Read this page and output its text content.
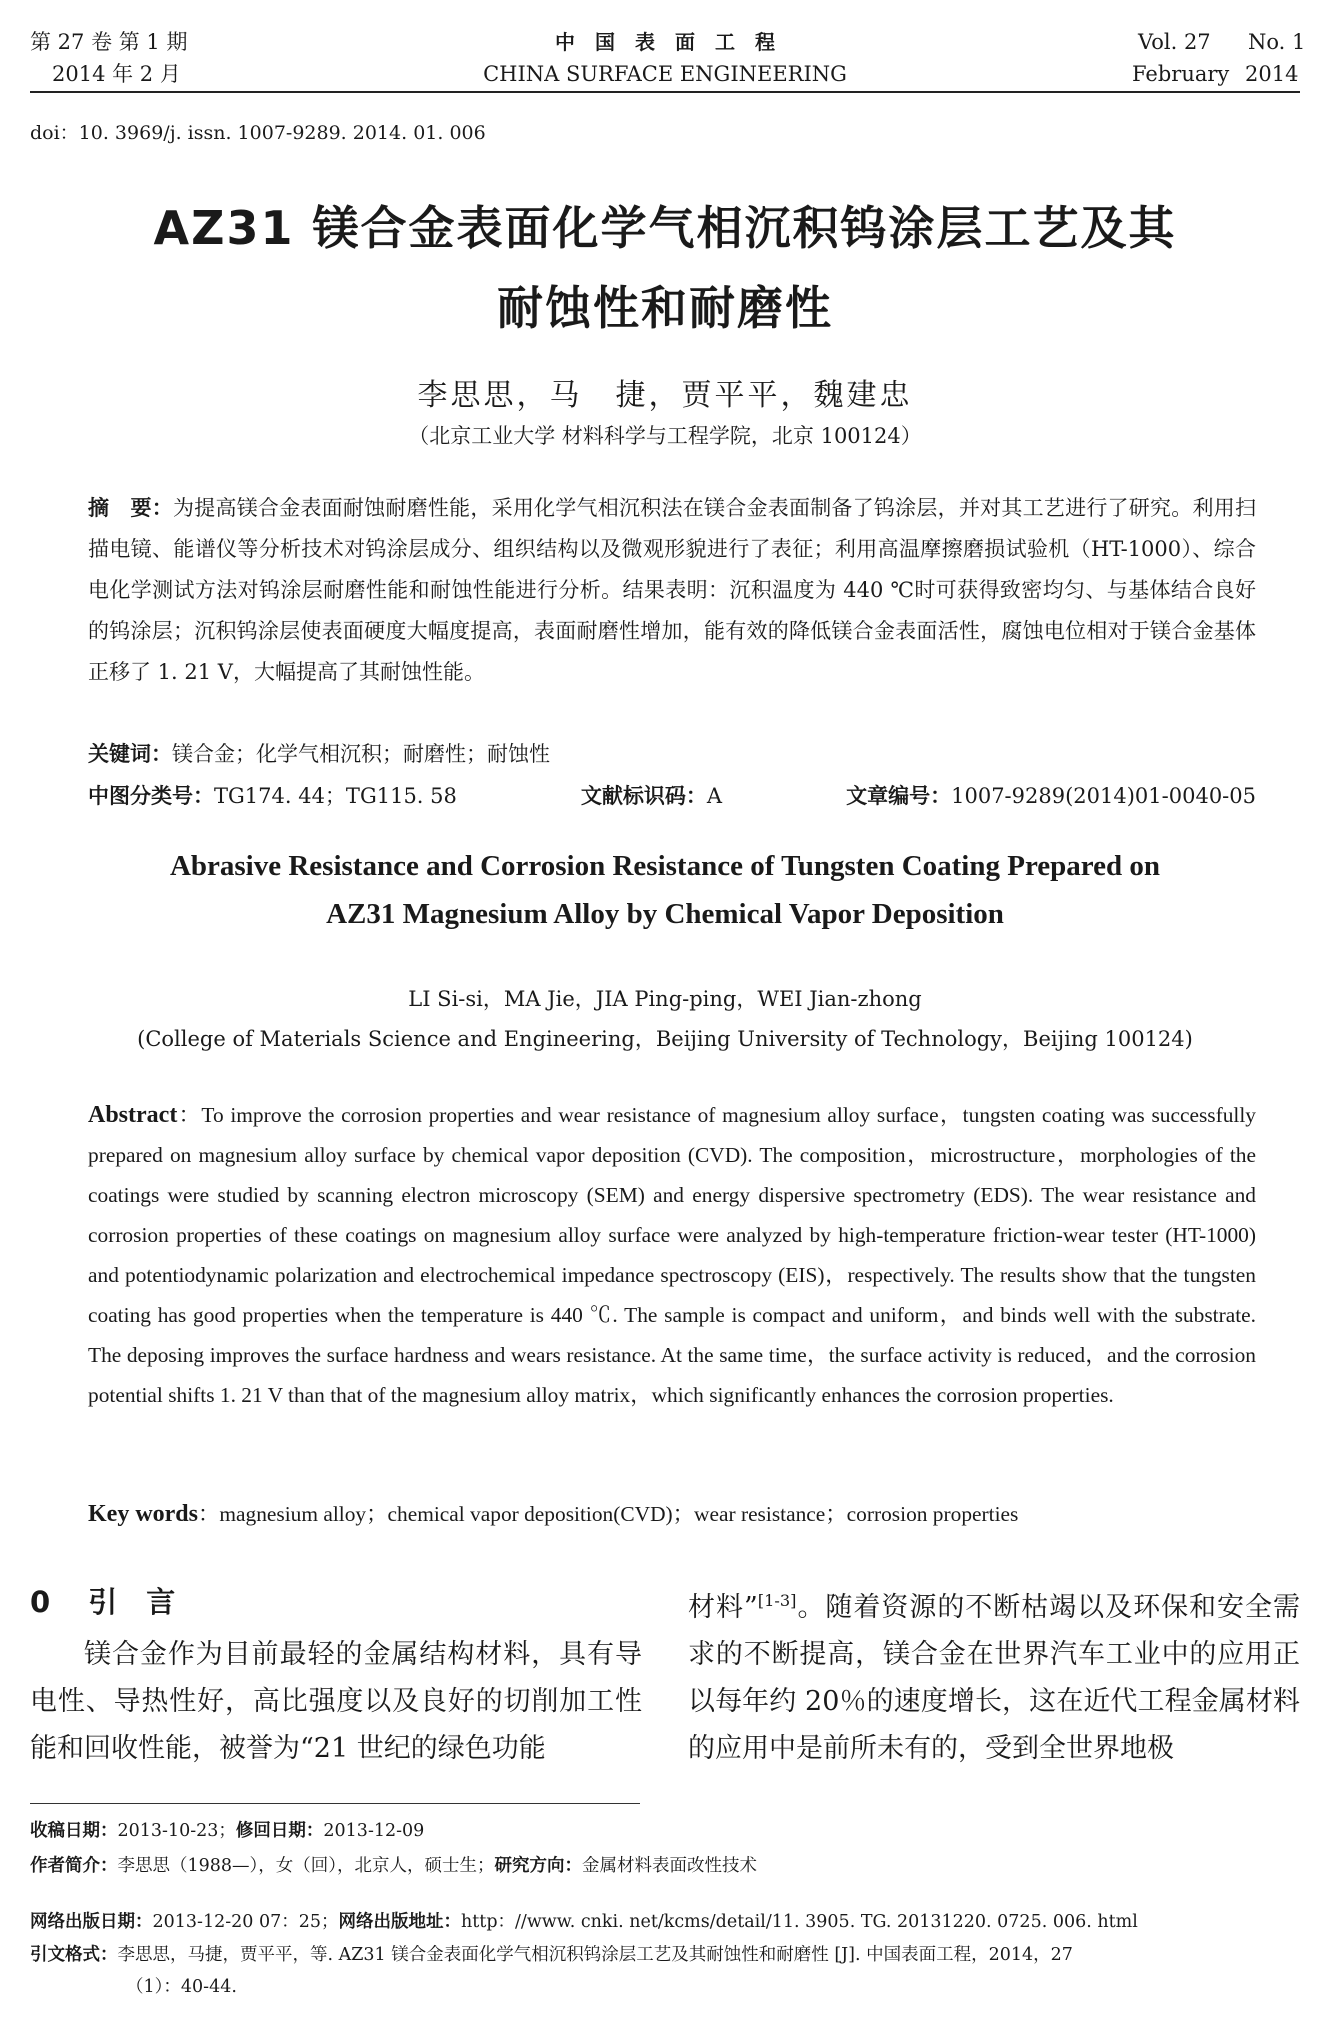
第 27 卷 第 1 期
2014 年 2 月
中　国　表　面　工　程
CHINA SURFACE ENGINEERING
Vol. 27 No. 1
February 2014
doi：10. 3969/j. issn. 1007-9289. 2014. 01. 006
AZ31 镁合金表面化学气相沉积钨涂层工艺及其
耐蚀性和耐磨性
李思思，马　捷，贾平平，魏建忠
（北京工业大学 材料科学与工程学院，北京 100124）
摘　要：为提高镁合金表面耐蚀耐磨性能，采用化学气相沉积法在镁合金表面制备了钨涂层，并对其工艺进行了研究。利用扫描电镜、能谱仪等分析技术对钨涂层成分、组织结构以及微观形貌进行了表征；利用高温摩擦磨损试验机（HT-1000）、综合电化学测试方法对钨涂层耐磨性能和耐蚀性能进行分析。结果表明：沉积温度为 440 ℃时可获得致密均匀、与基体结合良好的钨涂层；沉积钨涂层使表面硬度大幅度提高，表面耐磨性增加，能有效的降低镁合金表面活性，腐蚀电位相对于镁合金基体正移了 1. 21 V，大幅提高了其耐蚀性能。
关键词：镁合金；化学气相沉积；耐磨性；耐蚀性
中图分类号：TG174. 44；TG115. 58	文献标识码：A	文章编号：1007-9289(2014)01-0040-05
Abrasive Resistance and Corrosion Resistance of Tungsten Coating Prepared on
AZ31 Magnesium Alloy by Chemical Vapor Deposition
LI Si-si，MA Jie，JIA Ping-ping，WEI Jian-zhong
(College of Materials Science and Engineering，Beijing University of Technology，Beijing 100124)
Abstract：To improve the corrosion properties and wear resistance of magnesium alloy surface，tungsten coating was successfully prepared on magnesium alloy surface by chemical vapor deposition (CVD). The composition，microstructure，morphologies of the coatings were studied by scanning electron microscopy (SEM) and energy dispersive spectrometry (EDS). The wear resistance and corrosion properties of these coatings on magnesium alloy surface were analyzed by high-temperature friction-wear tester (HT-1000) and potentiodynamic polarization and electrochemical impedance spectroscopy (EIS)，respectively. The results show that the tungsten coating has good properties when the temperature is 440 ℃. The sample is compact and uniform，and binds well with the substrate. The deposing improves the surface hardness and wears resistance. At the same time，the surface activity is reduced，and the corrosion potential shifts 1. 21 V than that of the magnesium alloy matrix，which significantly enhances the corrosion properties.
Key words：magnesium alloy；chemical vapor deposition(CVD)；wear resistance；corrosion properties
0 引　言
镁合金作为目前最轻的金属结构材料，具有导电性、导热性好，高比强度以及良好的切削加工性能和回收性能，被誉为“21 世纪的绿色功能
材料”[1-3]。随着资源的不断枯竭以及环保和安全需求的不断提高，镁合金在世界汽车工业中的应用正以每年约 20％的速度增长，这在近代工程金属材料的应用中是前所未有的，受到全世界地极
收稿日期：2013-10-23；修回日期：2013-12-09
作者简介：李思思（1988—），女（回），北京人，硕士生；研究方向：金属材料表面改性技术
网络出版日期：2013-12-20 07：25；网络出版地址：http：//www. cnki. net/kcms/detail/11. 3905. TG. 20131220. 0725. 006. html
引文格式：李思思，马捷，贾平平，等. AZ31 镁合金表面化学气相沉积钨涂层工艺及其耐蚀性和耐磨性 [J]. 中国表面工程，2014，27
（1）：40-44.
